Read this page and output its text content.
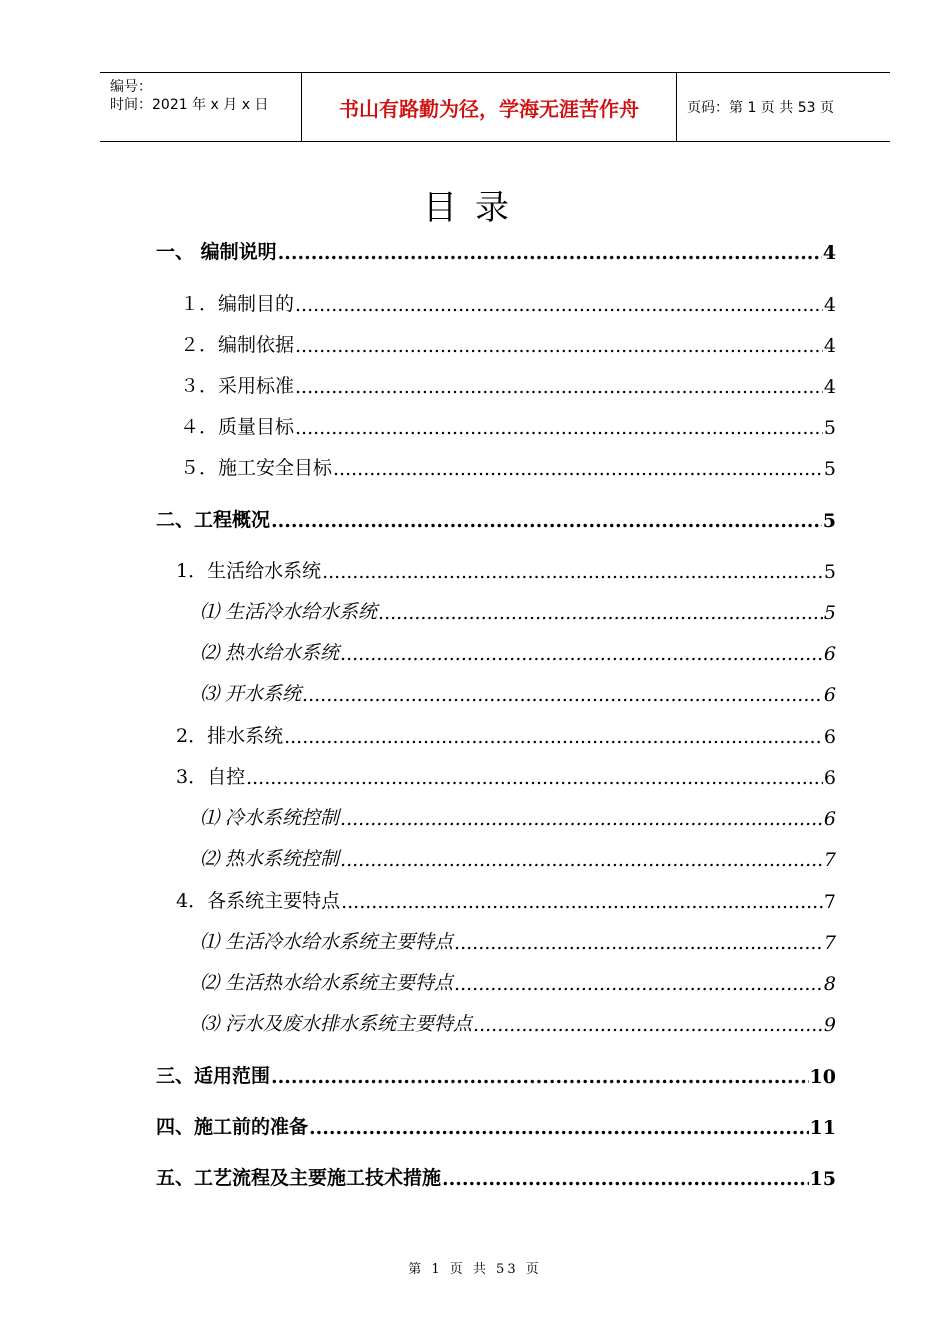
编号：
时间：2021 年 x 月 x 日	书山有路勤为径，学海无涯苦作舟	页码：第 1 页 共 53 页
目录
一、 编制说明 .....	4
１．编制目的 .....	4
２．编制依据 .....	4
３．采用标准 .....	4
４．质量目标 .....	5
５．施工安全目标 .....	5
二、工程概况 .....	5
1．生活给水系统 .....	5
⑴ 生活冷水给水系统 .....	5
⑵ 热水给水系统 .....	6
⑶ 开水系统 .....	6
2．排水系统 .....	6
3．自控 .....	6
⑴ 冷水系统控制 .....	6
⑵ 热水系统控制 .....	7
4．各系统主要特点 .....	7
⑴ 生活冷水给水系统主要特点 .....	7
⑵ 生活热水给水系统主要特点 .....	8
⑶ 污水及废水排水系统主要特点 .....	9
三、适用范围 .....	10
四、施工前的准备 .....	11
五、工艺流程及主要施工技术措施 .....	15
第 1 页 共 53 页
